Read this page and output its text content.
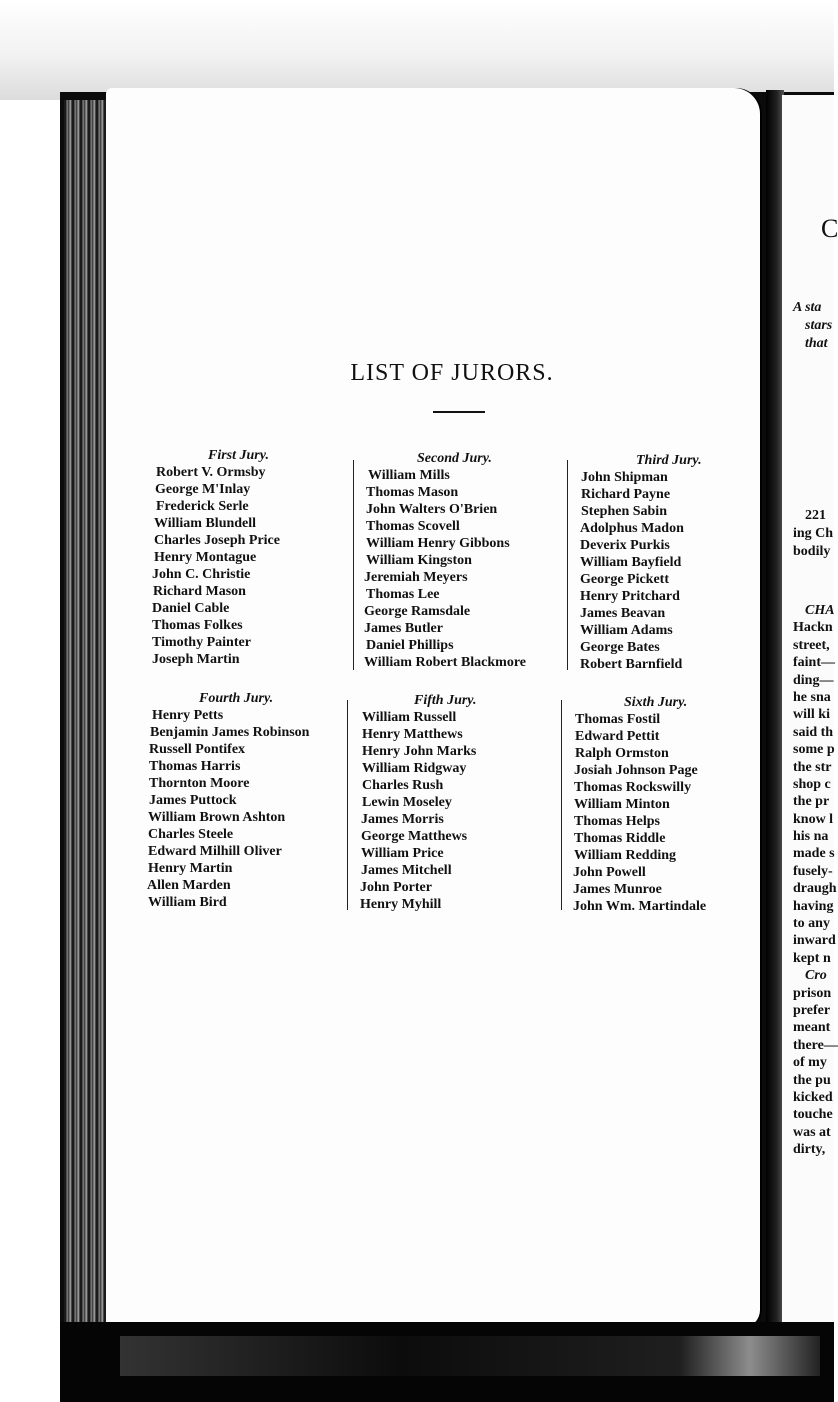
LIST OF JURORS.
First Jury.
Robert V. Ormsby
George M'Inlay
Frederick Serle
William Blundell
Charles Joseph Price
Henry Montague
John C. Christie
Richard Mason
Daniel Cable
Thomas Folkes
Timothy Painter
Joseph Martin
Second Jury.
William Mills
Thomas Mason
John Walters O'Brien
Thomas Scovell
William Henry Gibbons
William Kingston
Jeremiah Meyers
Thomas Lee
George Ramsdale
James Butler
Daniel Phillips
William Robert Blackmore
Third Jury.
John Shipman
Richard Payne
Stephen Sabin
Adolphus Madon
Deverix Purkis
William Bayfield
George Pickett
Henry Pritchard
James Beavan
William Adams
George Bates
Robert Barnfield
Fourth Jury.
Henry Petts
Benjamin James Robinson
Russell Pontifex
Thomas Harris
Thornton Moore
James Puttock
William Brown Ashton
Charles Steele
Edward Milhill Oliver
Henry Martin
Allen Marden
William Bird
Fifth Jury.
William Russell
Henry Matthews
Henry John Marks
William Ridgway
Charles Rush
Lewin Moseley
James Morris
George Matthews
William Price
James Mitchell
John Porter
Henry Myhill
Sixth Jury.
Thomas Fostil
Edward Pettit
Ralph Ormston
Josiah Johnson Page
Thomas Rockswilly
William Minton
Thomas Helps
Thomas Riddle
William Redding
John Powell
James Munroe
John Wm. Martindale
C
A sta
stars
that
221
ing Ch
bodily
CHA
Hackn
street,
faint—
ding—
he sna
will ki
said th
some p
the str
shop c
the pr
know l
his na
made s
fusely-
draugh
having
to any
inward
kept n
Cro
prison
prefer
meant
there—
of my
the pu
kicked
touche
was at
dirty,
